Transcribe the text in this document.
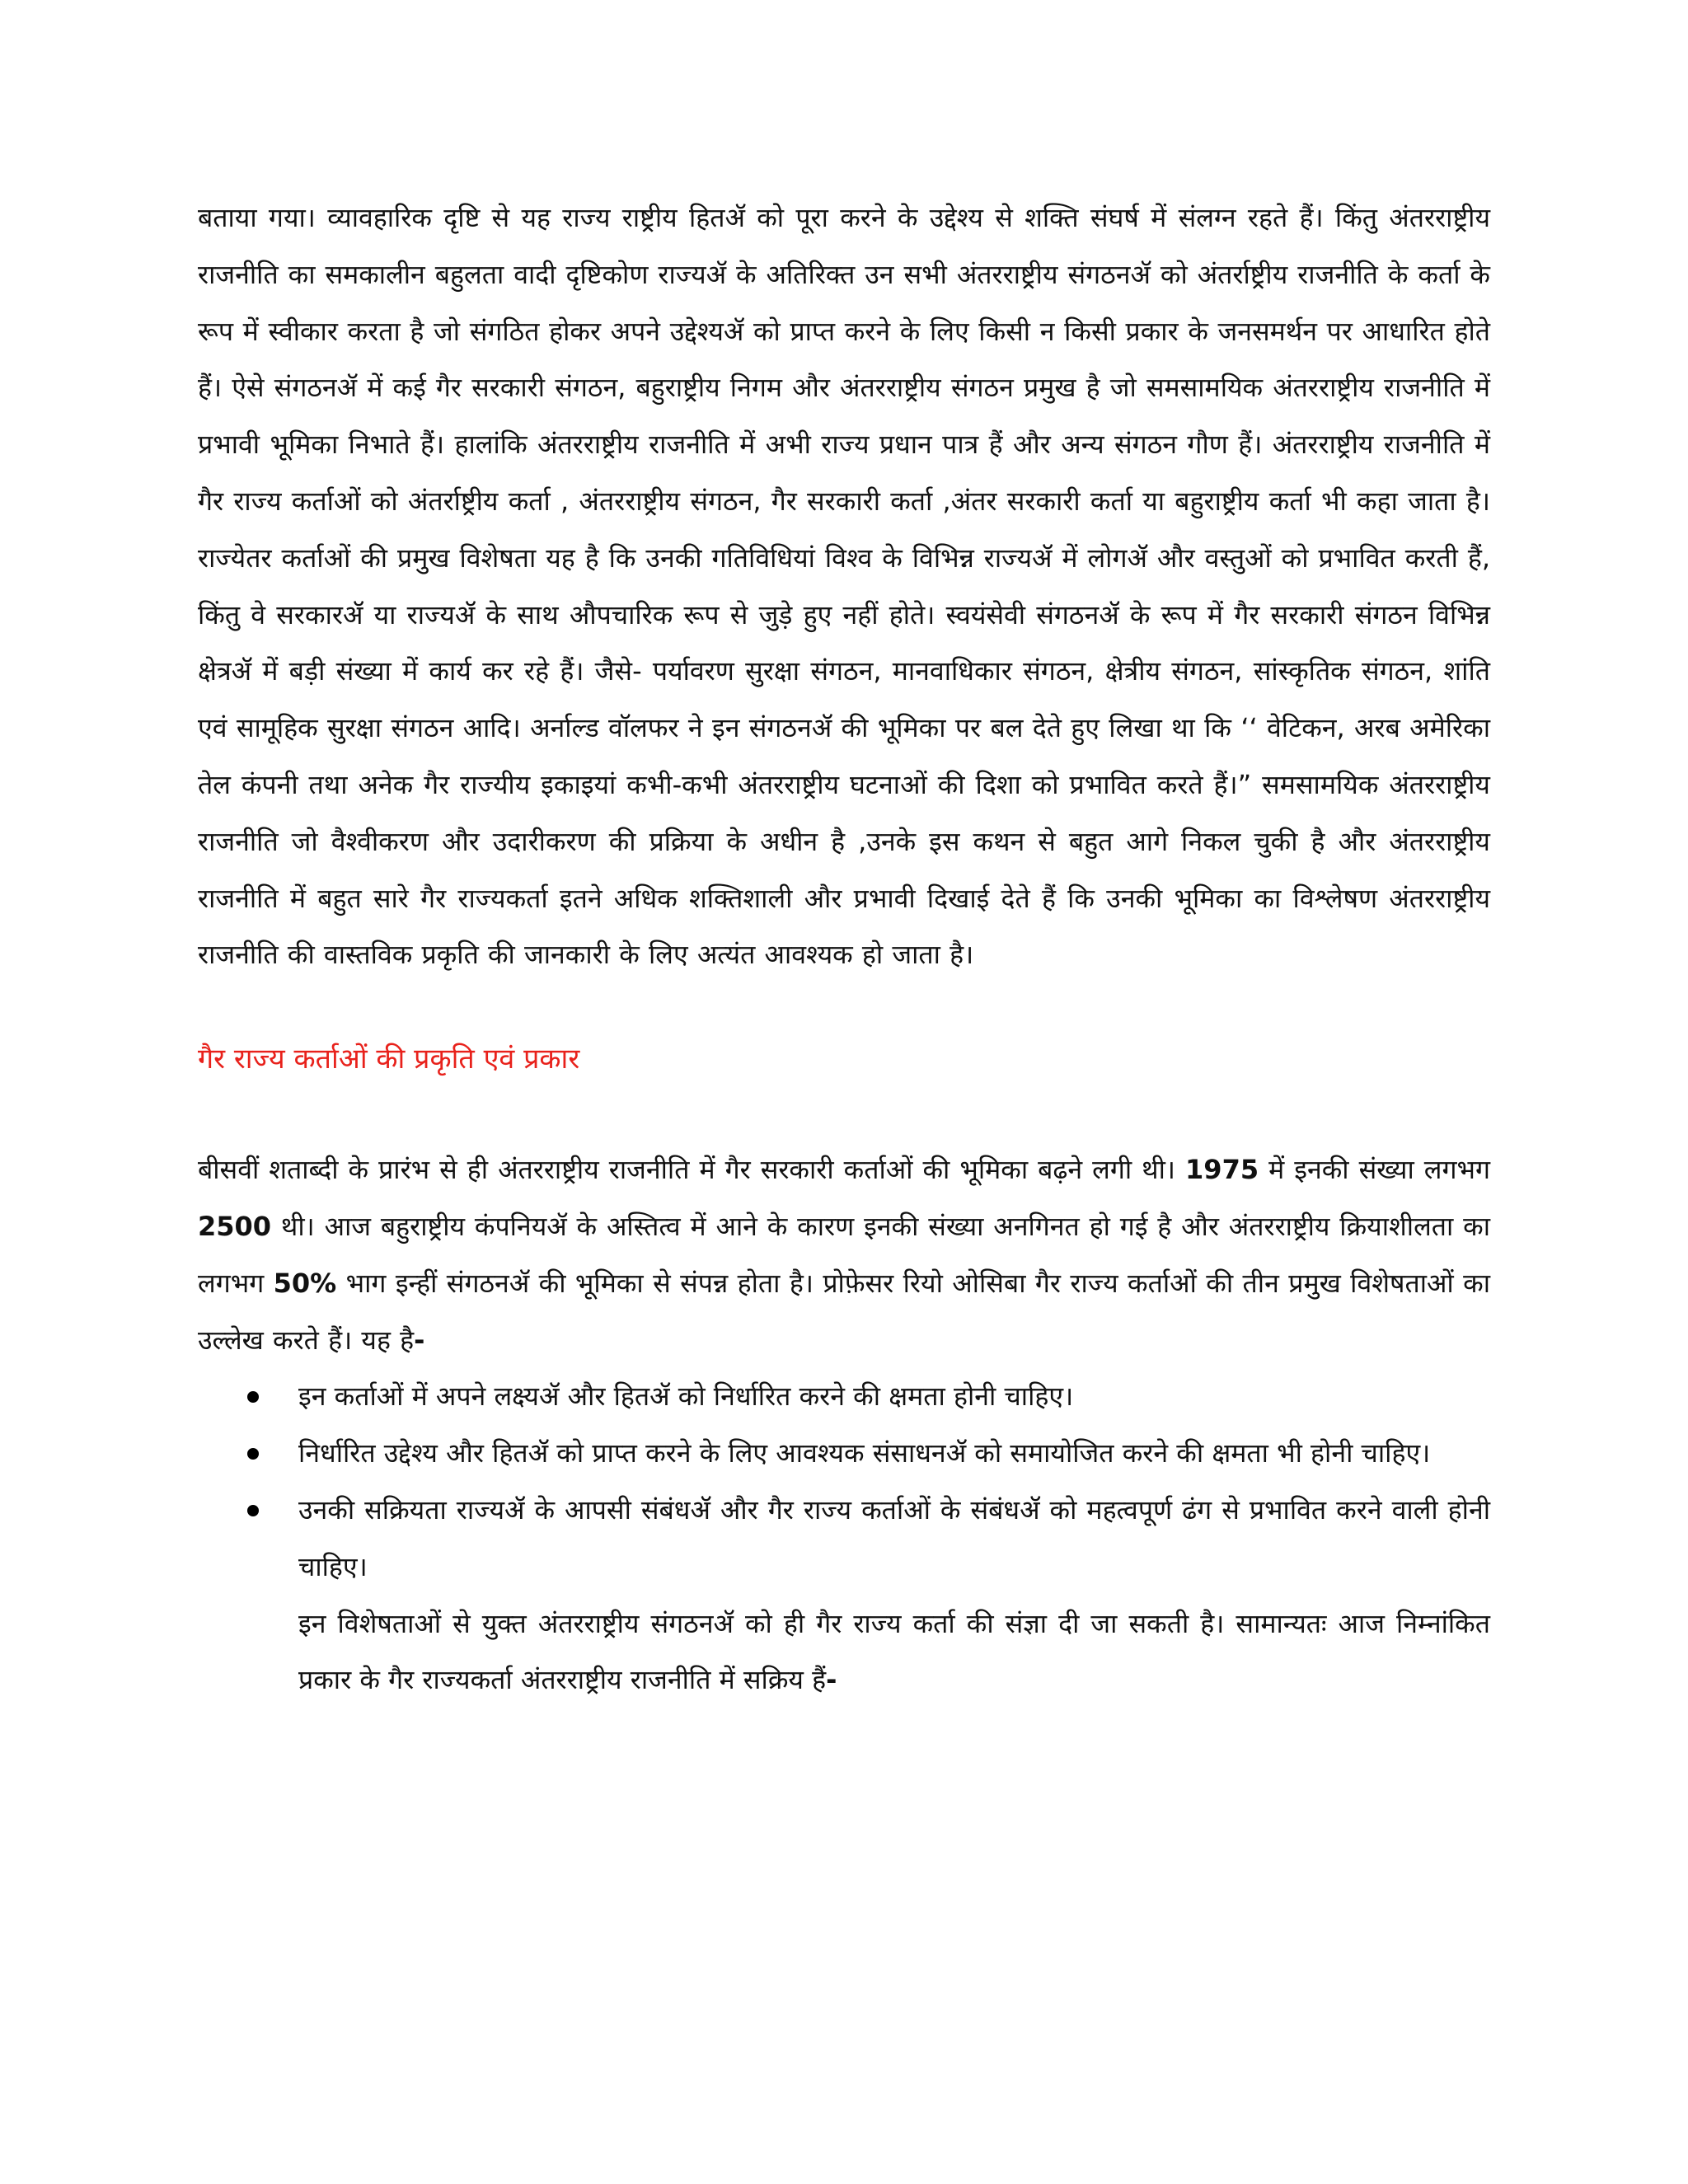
बताया गया। व्यावहारिक दृष्टि से यह राज्य राष्ट्रीय हितॲ को पूरा करने के उद्देश्य से शक्ति संघर्ष में संलग्न रहते हैं। किंतु अंतरराष्ट्रीय राजनीति का समकालीन बहुलता वादी दृष्टिकोण राज्यॲ के अतिरिक्त उन सभी अंतरराष्ट्रीय संगठनॲ को अंतर्राष्ट्रीय राजनीति के कर्ता के रूप में स्वीकार करता है जो संगठित होकर अपने उद्देश्यॲ को प्राप्त करने के लिए किसी न किसी प्रकार के जनसमर्थन पर आधारित होते हैं। ऐसे संगठनॲ में कई गैर सरकारी संगठन, बहुराष्ट्रीय निगम और अंतरराष्ट्रीय संगठन प्रमुख है जो समसामयिक अंतरराष्ट्रीय राजनीति में प्रभावी भूमिका निभाते हैं। हालांकि अंतरराष्ट्रीय राजनीति में अभी राज्य प्रधान पात्र हैं और अन्य संगठन गौण हैं। अंतरराष्ट्रीय राजनीति में गैर राज्य कर्ताओं को अंतर्राष्ट्रीय कर्ता , अंतरराष्ट्रीय संगठन, गैर सरकारी कर्ता ,अंतर सरकारी कर्ता या बहुराष्ट्रीय कर्ता भी कहा जाता है। राज्येतर कर्ताओं की प्रमुख विशेषता यह है कि उनकी गतिविधियां विश्व के विभिन्न राज्यॲ में लोगॲ और वस्तुओं को प्रभावित करती हैं, किंतु वे सरकारॲ या राज्यॲ के साथ औपचारिक रूप से जुड़े हुए नहीं होते। स्वयंसेवी संगठनॲ के रूप में गैर सरकारी संगठन विभिन्न क्षेत्रॲ में बड़ी संख्या में कार्य कर रहे हैं। जैसे- पर्यावरण सुरक्षा संगठन, मानवाधिकार संगठन, क्षेत्रीय संगठन, सांस्कृतिक संगठन, शांति एवं सामूहिक सुरक्षा संगठन आदि। अर्नाल्ड वॉलफर ने इन संगठनॲ की भूमिका पर बल देते हुए लिखा था कि ‘‘ वेटिकन, अरब अमेरिका तेल कंपनी तथा अनेक गैर राज्यीय इकाइयां कभी-कभी अंतरराष्ट्रीय घटनाओं की दिशा को प्रभावित करते हैं।” समसामयिक अंतरराष्ट्रीय राजनीति जो वैश्वीकरण और उदारीकरण की प्रक्रिया के अधीन है ,उनके इस कथन से बहुत आगे निकल चुकी है और अंतरराष्ट्रीय राजनीति में बहुत सारे गैर राज्यकर्ता इतने अधिक शक्तिशाली और प्रभावी दिखाई देते हैं कि उनकी भूमिका का विश्लेषण अंतरराष्ट्रीय राजनीति की वास्तविक प्रकृति की जानकारी के लिए अत्यंत आवश्यक हो जाता है।

गैर राज्य कर्ताओं की प्रकृति एवं प्रकार

बीसवीं शताब्दी के प्रारंभ से ही अंतरराष्ट्रीय राजनीति में गैर सरकारी कर्ताओं की भूमिका बढ़ने लगी थी। 1975 में इनकी संख्या लगभग 2500 थी। आज बहुराष्ट्रीय कंपनियॲ के अस्तित्व में आने के कारण इनकी संख्या अनगिनत हो गई है और अंतरराष्ट्रीय क्रियाशीलता का लगभग 50% भाग इन्हीं संगठनॲ की भूमिका से संपन्न होता है। प्रोफ़ेसर रियो ओसिबा गैर राज्य कर्ताओं की तीन प्रमुख विशेषताओं का उल्लेख करते हैं। यह है-

इन कर्ताओं में अपने लक्ष्यॲ और हितॲ को निर्धारित करने की क्षमता होनी चाहिए।
निर्धारित उद्देश्य और हितॲ को प्राप्त करने के लिए आवश्यक संसाधनॲ को समायोजित करने की क्षमता भी होनी चाहिए।
उनकी सक्रियता राज्यॲ के आपसी संबंधॲ और गैर राज्य कर्ताओं के संबंधॲ को महत्वपूर्ण ढंग से प्रभावित करने वाली होनी चाहिए।

इन विशेषताओं से युक्त अंतरराष्ट्रीय संगठनॲ को ही गैर राज्य कर्ता की संज्ञा दी जा सकती है। सामान्यतः आज निम्नांकित प्रकार के गैर राज्यकर्ता अंतरराष्ट्रीय राजनीति में सक्रिय हैं-
